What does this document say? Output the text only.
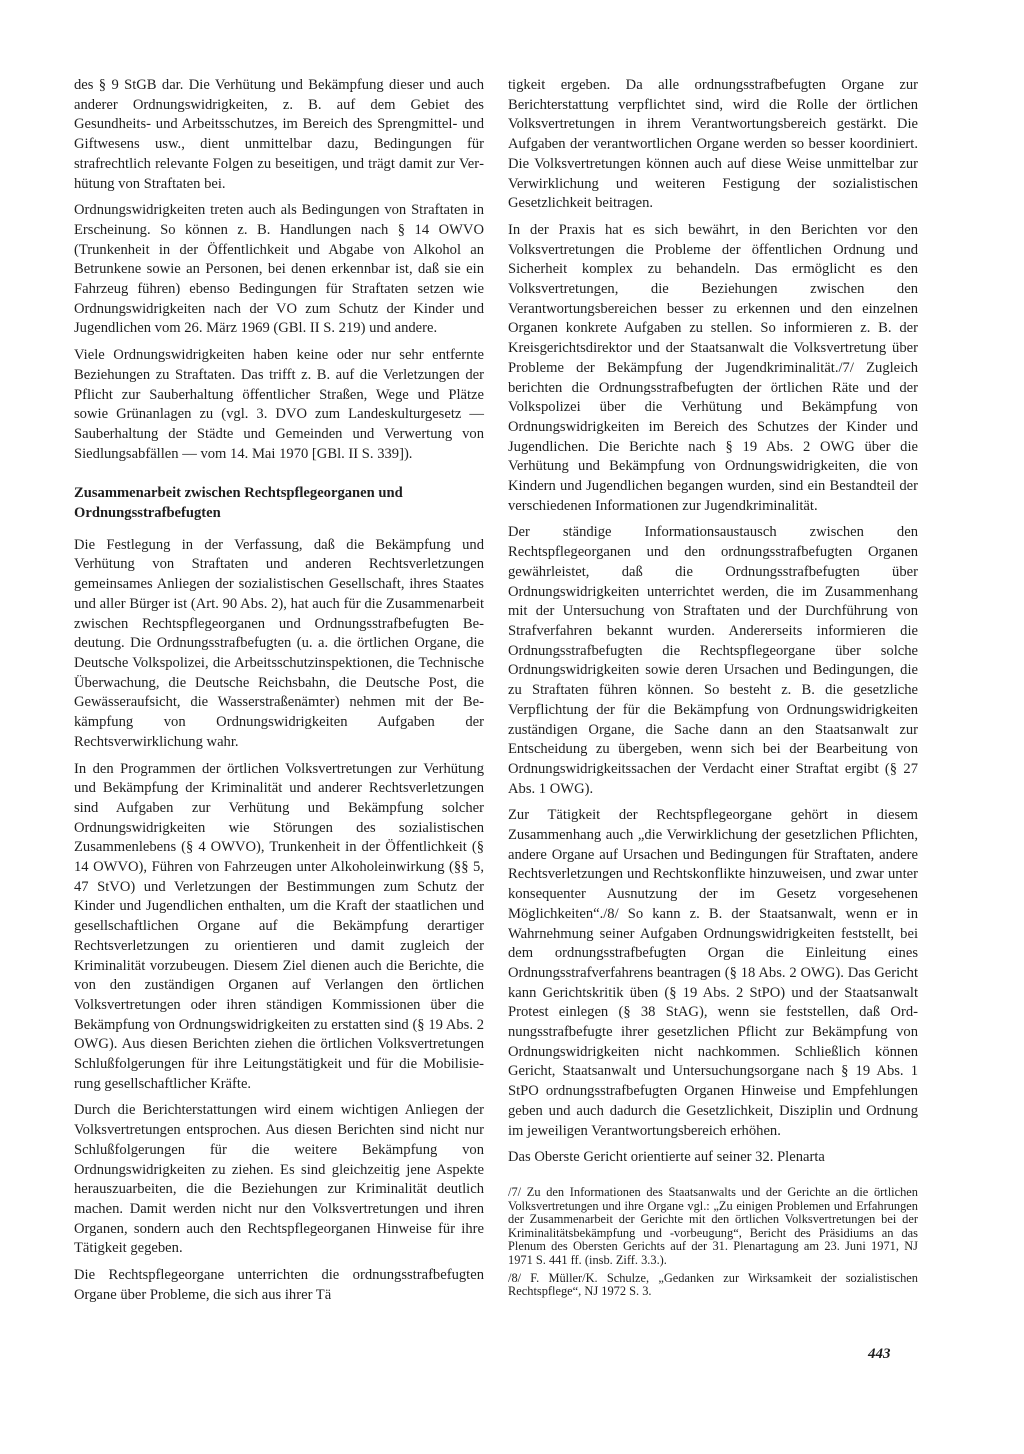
des § 9 StGB dar. Die Verhütung und Bekämpfung dieser und auch anderer Ordnungswidrigkeiten, z. B. auf dem Gebiet des Gesundheits- und Arbeitsschutzes, im Bereich des Sprengmittel- und Giftwesens usw., dient unmittelbar dazu, Bedingungen für strafrechtlich relevante Folgen zu beseitigen, und trägt damit zur Verhütung von Straftaten bei.

Ordnungswidrigkeiten treten auch als Bedingungen von Straftaten in Erscheinung. So können z. B. Handlungen nach § 14 OWVO (Trunkenheit in der Öffentlichkeit und Abgabe von Alkohol an Betrunkene sowie an Personen, bei denen erkennbar ist, daß sie ein Fahrzeug führen) ebenso Bedingungen für Straftaten setzen wie Ordnungswidrigkeiten nach der VO zum Schutz der Kinder und Jugendlichen vom 26. März 1969 (GBl. II S. 219) und andere.

Viele Ordnungswidrigkeiten haben keine oder nur sehr entfernte Beziehungen zu Straftaten. Das trifft z. B. auf die Verletzungen der Pflicht zur Sauberhaltung öffentlicher Straßen, Wege und Plätze sowie Grünanlagen zu (vgl. 3. DVO zum Landeskulturgesetz — Sauberhaltung der Städte und Gemeinden und Verwertung von Siedlungsabfällen — vom 14. Mai 1970 [GBl. II S. 339]).

Zusammenarbeit zwischen Rechtspflegeorganen und
Ordnungsstrafbefugten

Die Festlegung in der Verfassung, daß die Bekämpfung und Verhütung von Straftaten und anderen Rechtsverletzungen gemeinsames Anliegen der sozialistischen Gesellschaft, ihres Staates und aller Bürger ist (Art. 90 Abs. 2), hat auch für die Zusammenarbeit zwischen Rechtspflegeorganen und Ordnungsstrafbefugten Bedeutung. Die Ordnungsstrafbefugten (u. a. die örtlichen Organe, die Deutsche Volkspolizei, die Arbeitsschutzinspektionen, die Technische Überwachung, die Deutsche Reichsbahn, die Deutsche Post, die Gewässeraufsicht, die Wasserstraßenämter) nehmen mit der Bekämpfung von Ordnungswidrigkeiten Aufgaben der Rechtsverwirklichung wahr.

In den Programmen der örtlichen Volksvertretungen zur Verhütung und Bekämpfung der Kriminalität und anderer Rechtsverletzungen sind Aufgaben zur Verhütung und Bekämpfung solcher Ordnungswidrigkeiten wie Störungen des sozialistischen Zusammenlebens (§ 4 OWVO), Trunkenheit in der Öffentlichkeit (§ 14 OWVO), Führen von Fahrzeugen unter Alkoholeinwirkung (§§ 5, 47 StVO) und Verletzungen der Bestimmungen zum Schutz der Kinder und Jugendlichen enthalten, um die Kraft der staatlichen und gesellschaftlichen Organe auf die Bekämpfung derartiger Rechtsverletzungen zu orientieren und damit zugleich der Kriminalität vorzubeugen. Diesem Ziel dienen auch die Berichte, die von den zuständigen Organen auf Verlangen den örtlichen Volksvertretungen oder ihren ständigen Kommissionen über die Bekämpfung von Ordnungswidrigkeiten zu erstatten sind (§ 19 Abs. 2 OWG). Aus diesen Berichten ziehen die örtlichen Volksvertretungen Schlußfolgerungen für ihre Leitungstätigkeit und für die Mobilisierung gesellschaftlicher Kräfte.

Durch die Berichterstattungen wird einem wichtigen Anliegen der Volksvertretungen entsprochen. Aus diesen Berichten sind nicht nur Schlußfolgerungen für die weitere Bekämpfung von Ordnungswidrigkeiten zu ziehen. Es sind gleichzeitig jene Aspekte herauszuarbeiten, die die Beziehungen zur Kriminalität deutlich machen. Damit werden nicht nur den Volksvertretungen und ihren Organen, sondern auch den Rechtspflegeorganen Hinweise für ihre Tätigkeit gegeben.

Die Rechtspflegeorgane unterrichten die ordnungsstrafbefugten Organe über Probleme, die sich aus ihrer Tä

tigkeit ergeben. Da alle ordnungsstrafbefugten Organe zur Berichterstattung verpflichtet sind, wird die Rolle der örtlichen Volksvertretungen in ihrem Verantwortungsbereich gestärkt. Die Aufgaben der verantwortlichen Organe werden so besser koordiniert. Die Volksvertretungen können auch auf diese Weise unmittelbar zur Verwirklichung und weiteren Festigung der sozialistischen Gesetzlichkeit beitragen.

In der Praxis hat es sich bewährt, in den Berichten vor den Volksvertretungen die Probleme der öffentlichen Ordnung und Sicherheit komplex zu behandeln. Das ermöglicht es den Volksvertretungen, die Beziehungen zwischen den Verantwortungsbereichen besser zu erkennen und den einzelnen Organen konkrete Aufgaben zu stellen. So informieren z. B. der Kreisgerichtsdirektor und der Staatsanwalt die Volksvertretung über Probleme der Bekämpfung der Jugendkriminalität./7/ Zugleich berichten die Ordnungsstrafbefugten der örtlichen Räte und der Volkspolizei über die Verhütung und Bekämpfung von Ordnungswidrigkeiten im Bereich des Schutzes der Kinder und Jugendlichen. Die Berichte nach § 19 Abs. 2 OWG über die Verhütung und Bekämpfung von Ordnungswidrigkeiten, die von Kindern und Jugendlichen begangen wurden, sind ein Bestandteil der verschiedenen Informationen zur Jugendkriminalität.

Der ständige Informationsaustausch zwischen den Rechtspflegeorganen und den ordnungsstrafbefugten Organen gewährleistet, daß die Ordnungsstrafbefugten über Ordnungswidrigkeiten unterrichtet werden, die im Zusammenhang mit der Untersuchung von Straftaten und der Durchführung von Strafverfahren bekannt wurden. Andererseits informieren die Ordnungsstrafbefugten die Rechtspflegeorgane über solche Ordnungswidrigkeiten sowie deren Ursachen und Bedingungen, die zu Straftaten führen können. So besteht z. B. die gesetzliche Verpflichtung der für die Bekämpfung von Ordnungswidrigkeiten zuständigen Organe, die Sache dann an den Staatsanwalt zur Entscheidung zu übergeben, wenn sich bei der Bearbeitung von Ordnungswidrigkeitssachen der Verdacht einer Straftat ergibt (§ 27 Abs. 1 OWG).

Zur Tätigkeit der Rechtspflegeorgane gehört in diesem Zusammenhang auch „die Verwirklichung der gesetzlichen Pflichten, andere Organe auf Ursachen und Bedingungen für Straftaten, andere Rechtsverletzungen und Rechtskonflikte hinzuweisen, und zwar unter konsequenter Ausnutzung der im Gesetz vorgesehenen Möglichkeiten“./8/ So kann z. B. der Staatsanwalt, wenn er in Wahrnehmung seiner Aufgaben Ordnungswidrigkeiten feststellt, bei dem ordnungsstrafbefugten Organ die Einleitung eines Ordnungsstrafverfahrens beantragen (§ 18 Abs. 2 OWG). Das Gericht kann Gerichtskritik üben (§ 19 Abs. 2 StPO) und der Staatsanwalt Protest einlegen (§ 38 StAG), wenn sie feststellen, daß Ordnungsstrafbefugte ihrer gesetzlichen Pflicht zur Bekämpfung von Ordnungswidrigkeiten nicht nachkommen. Schließlich können Gericht, Staatsanwalt und Untersuchungsorgane nach § 19 Abs. 1 StPO ordnungsstrafbefugten Organen Hinweise und Empfehlungen geben und auch dadurch die Gesetzlichkeit, Disziplin und Ordnung im jeweiligen Verantwortungsbereich erhöhen.

Das Oberste Gericht orientierte auf seiner 32. Plenarta

/7/ Zu den Informationen des Staatsanwalts und der Gerichte an die örtlichen Volksvertretungen und ihre Organe vgl.: „Zu einigen Problemen und Erfahrungen der Zusammenarbeit der Gerichte mit den örtlichen Volksvertretungen bei der Kriminalitätsbekämpfung und -vorbeugung“, Bericht des Präsidiums an das Plenum des Obersten Gerichts auf der 31. Plenartagung am 23. Juni 1971, NJ 1971 S. 441 ff. (insb. Ziff. 3.3.).

/8/ F. Müller/K. Schulze, „Gedanken zur Wirksamkeit der sozialistischen Rechtspflege“, NJ 1972 S. 3.

443
